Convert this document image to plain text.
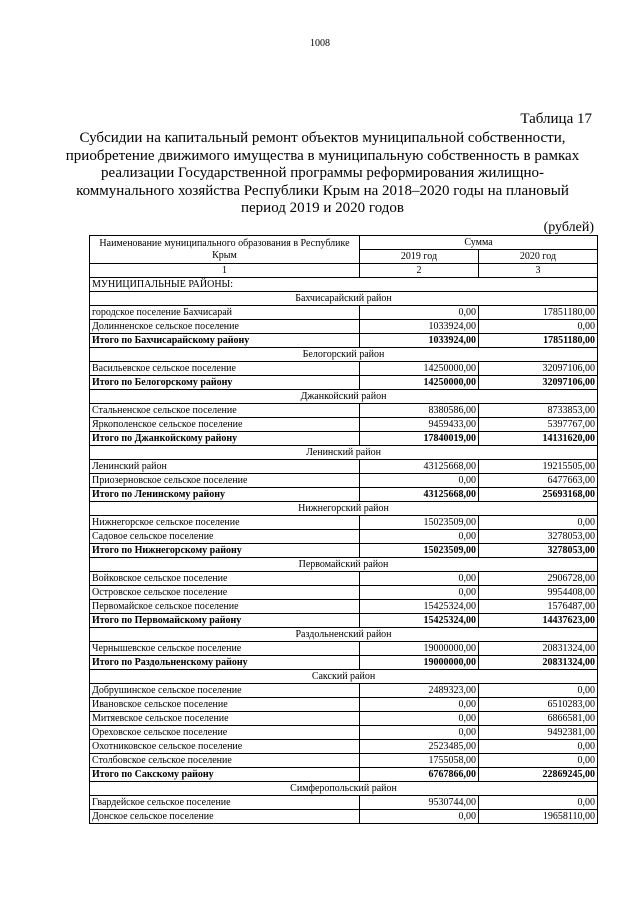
1008
Таблица 17
Субсидии на капитальный ремонт объектов муниципальной собственности, приобретение движимого имущества в муниципальную собственность в рамках реализации Государственной программы реформирования жилищно-коммунального хозяйства Республики Крым на 2018–2020 годы на плановый период 2019 и 2020 годов
(рублей)
Наименование муниципального образования в Республике Крым	Сумма	
	2019 год	2020 год
1	2	3
МУНИЦИПАЛЬНЫЕ РАЙОНЫ:		
Бахчисарайский район		
городское поселение Бахчисарай	0,00	17851180,00
Долинненское сельское поселение	1033924,00	0,00
Итого по Бахчисарайскому району	1033924,00	17851180,00
Белогорский район		
Васильевское сельское поселение	14250000,00	32097106,00
Итого по Белогорскому району	14250000,00	32097106,00
Джанкойский район		
Стальненское сельское поселение	8380586,00	8733853,00
Яркополенское сельское поселение	9459433,00	5397767,00
Итого по Джанкойскому району	17840019,00	14131620,00
Ленинский район		
Ленинский район	43125668,00	19215505,00
Приозерновское сельское поселение	0,00	6477663,00
Итого по Ленинскому району	43125668,00	25693168,00
Нижнегорский район		
Нижнегорское сельское поселение	15023509,00	0,00
Садовое сельское поселение	0,00	3278053,00
Итого по Нижнегорскому району	15023509,00	3278053,00
Первомайский район		
Войковское сельское поселение	0,00	2906728,00
Островское сельское поселение	0,00	9954408,00
Первомайское сельское поселение	15425324,00	1576487,00
Итого по Первомайскому району	15425324,00	14437623,00
Раздольненский район		
Чернышевское сельское поселение	19000000,00	20831324,00
Итого по Раздольненскому району	19000000,00	20831324,00
Сакский район		
Добрушинское сельское поселение	2489323,00	0,00
Ивановское сельское поселение	0,00	6510283,00
Митяевское сельское поселение	0,00	6866581,00
Ореховское сельское поселение	0,00	9492381,00
Охотниковское сельское поселение	2523485,00	0,00
Столбовское сельское поселение	1755058,00	0,00
Итого по Сакскому району	6767866,00	22869245,00
Симферопольский район		
Гвардейское сельское поселение	9530744,00	0,00
Донское сельское поселение	0,00	19658110,00
